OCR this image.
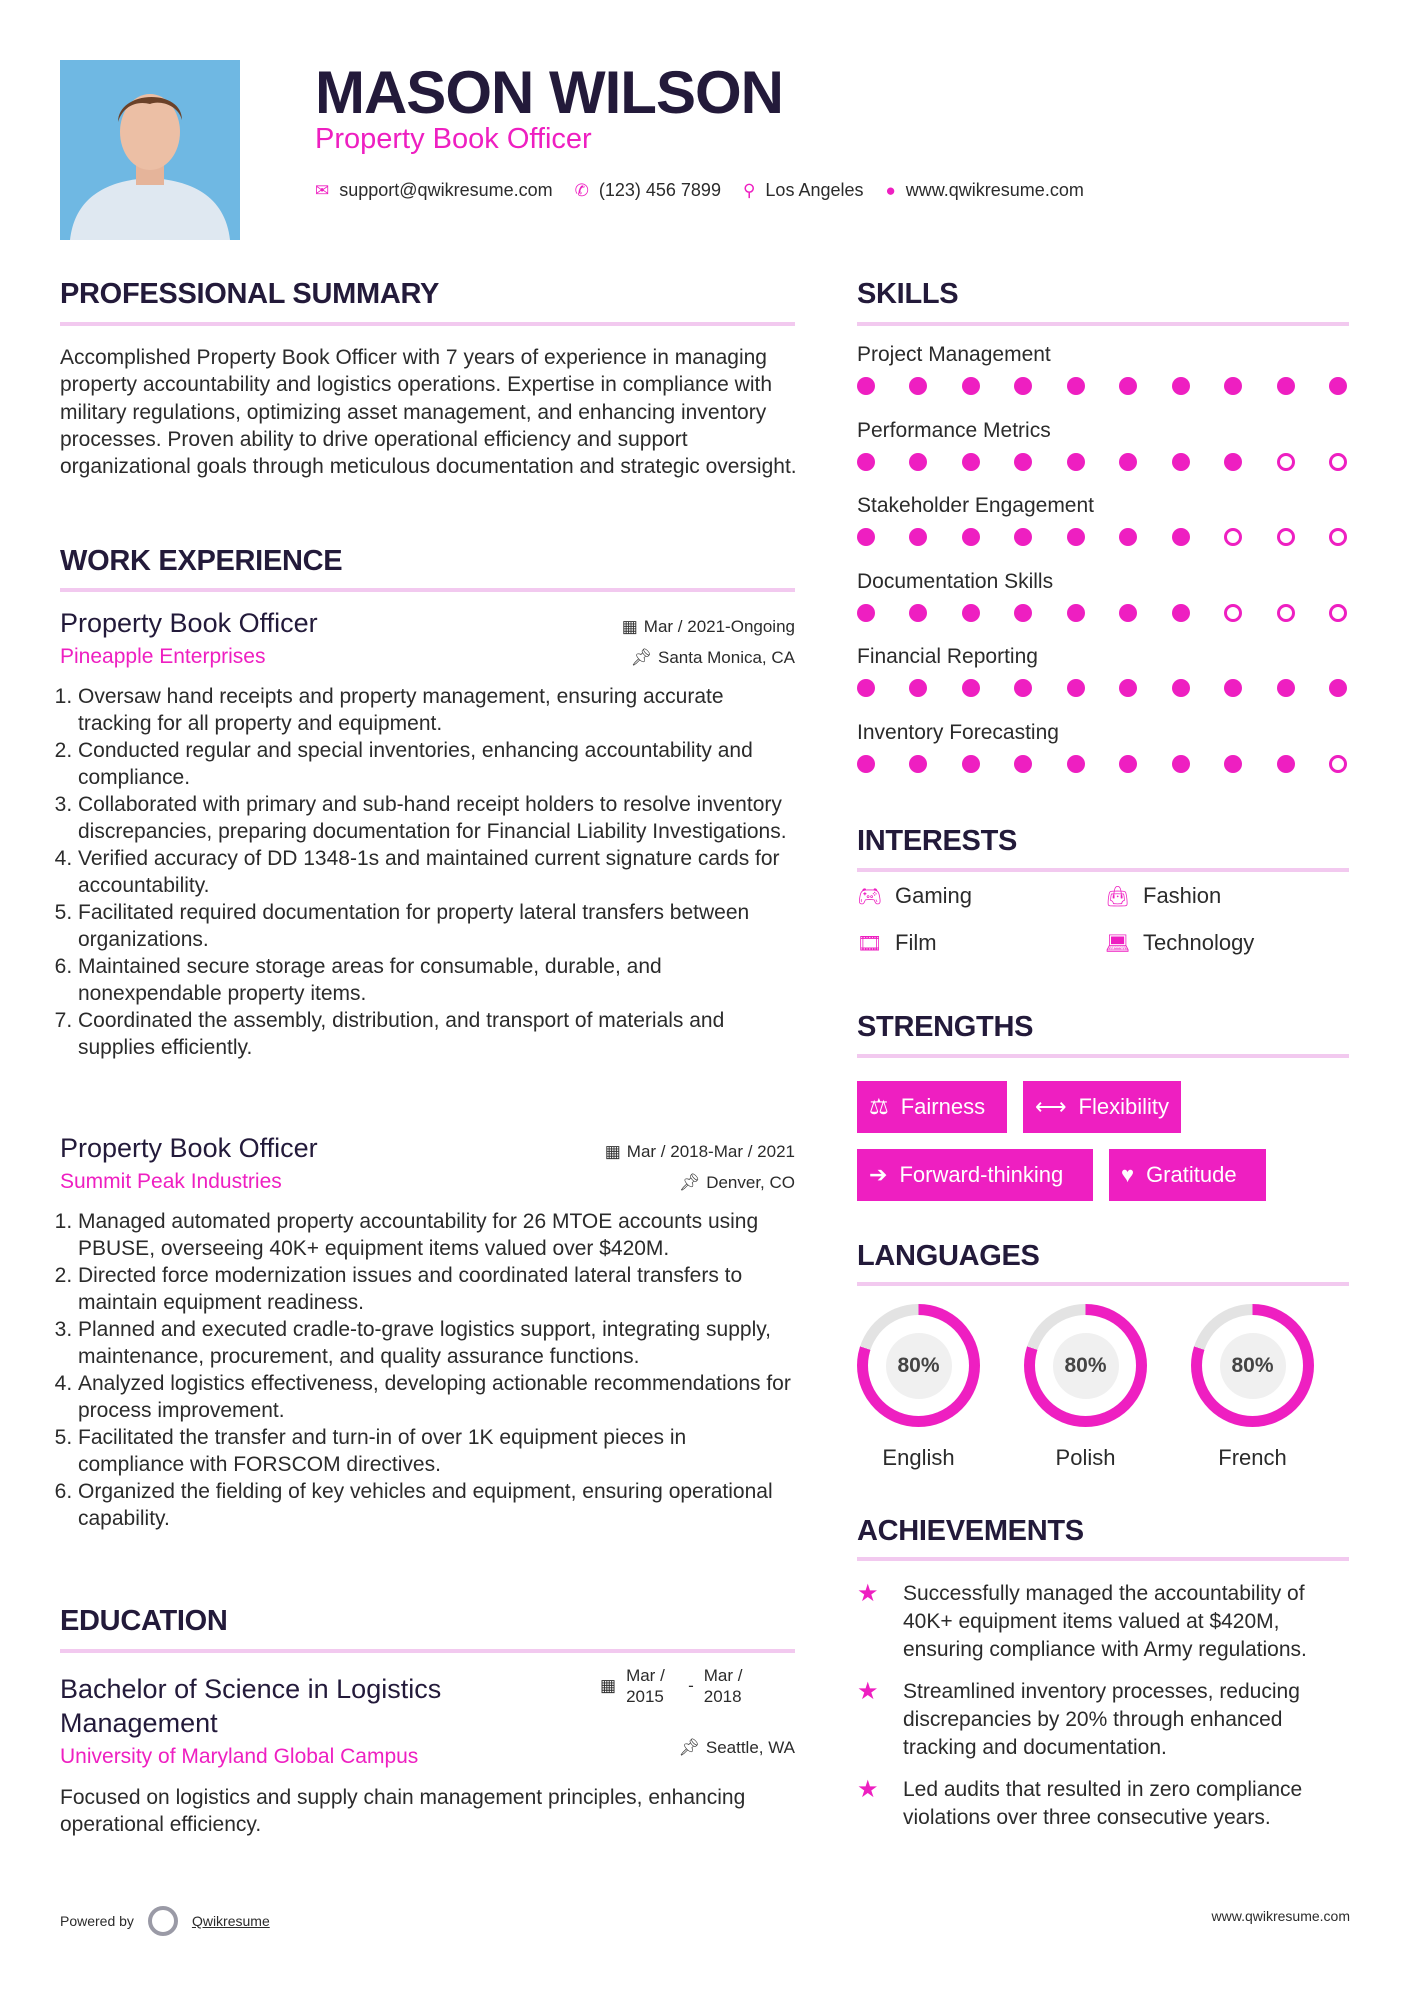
MASON WILSON
Property Book Officer
✉ support@qwikresume.com ✆ (123) 456 7899 ⚲ Los Angeles ● www.qwikresume.com
PROFESSIONAL SUMMARY
Accomplished Property Book Officer with 7 years of experience in managing property accountability and logistics operations. Expertise in compliance with military regulations, optimizing asset management, and enhancing inventory processes. Proven ability to drive operational efficiency and support organizational goals through meticulous documentation and strategic oversight.
WORK EXPERIENCE
Property Book Officer	▦ Mar / 2021-Ongoing
Pineapple Enterprises	📌︎ Santa Monica, CA
1. Oversaw hand receipts and property management, ensuring accurate tracking for all property and equipment.
2. Conducted regular and special inventories, enhancing accountability and compliance.
3. Collaborated with primary and sub-hand receipt holders to resolve inventory discrepancies, preparing documentation for Financial Liability Investigations.
4. Verified accuracy of DD 1348-1s and maintained current signature cards for accountability.
5. Facilitated required documentation for property lateral transfers between organizations.
6. Maintained secure storage areas for consumable, durable, and nonexpendable property items.
7. Coordinated the assembly, distribution, and transport of materials and supplies efficiently.
Property Book Officer	▦ Mar / 2018-Mar / 2021
Summit Peak Industries	📌︎ Denver, CO
1. Managed automated property accountability for 26 MTOE accounts using PBUSE, overseeing 40K+ equipment items valued over $420M.
2. Directed force modernization issues and coordinated lateral transfers to maintain equipment readiness.
3. Planned and executed cradle-to-grave logistics support, integrating supply, maintenance, procurement, and quality assurance functions.
4. Analyzed logistics effectiveness, developing actionable recommendations for process improvement.
5. Facilitated the transfer and turn-in of over 1K equipment pieces in compliance with FORSCOM directives.
6. Organized the fielding of key vehicles and equipment, ensuring operational capability.
EDUCATION
Bachelor of Science in Logistics Management
▦
Mar / 2015
-
Mar / 2018
University of Maryland Global Campus	📌︎ Seattle, WA
Focused on logistics and supply chain management principles, enhancing operational efficiency.
Powered by	Qwikresume	www.qwikresume.com
SKILLS
Project Management
Performance Metrics
Stakeholder Engagement
Documentation Skills
Financial Reporting
Inventory Forecasting
INTERESTS
🎮︎ Gaming	👜︎ Fashion
🎞︎ Film	💻︎ Technology
STRENGTHS
⚖ Fairness ⟷ Flexibility
➔ Forward-thinking	♥ Gratitude
LANGUAGES
80%
English
80%
Polish
80%
French
ACHIEVEMENTS
★	Successfully managed the accountability of 40K+ equipment items valued at $420M, ensuring compliance with Army regulations.
★	Streamlined inventory processes, reducing discrepancies by 20% through enhanced tracking and documentation.
★	Led audits that resulted in zero compliance violations over three consecutive years.
